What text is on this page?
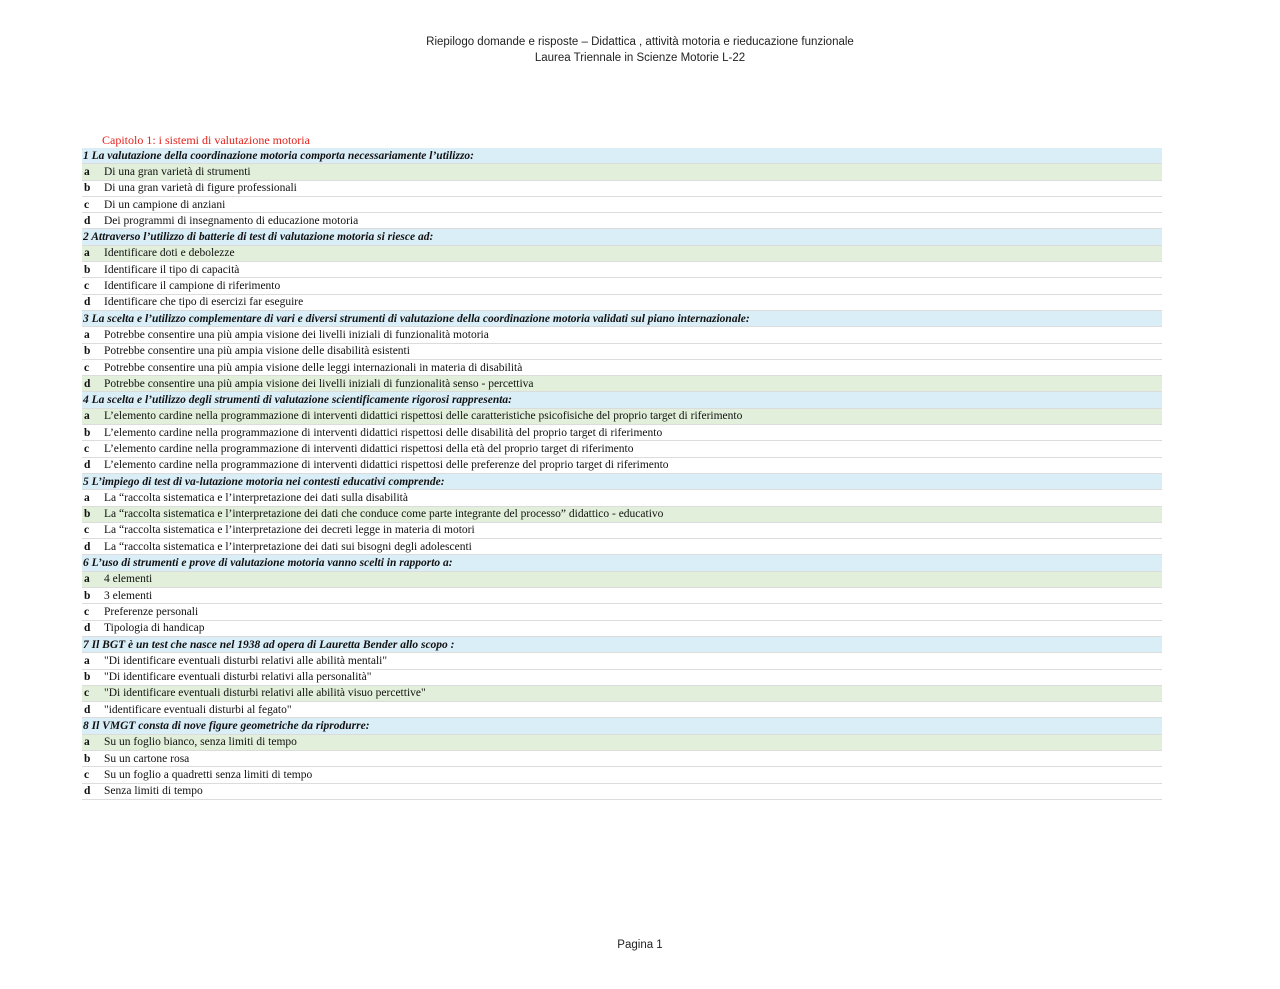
Riepilogo domande e risposte – Didattica , attività motoria e rieducazione funzionale
Laurea Triennale in Scienze Motorie L-22
Capitolo 1: i sistemi di valutazione motoria
1 La valutazione della coordinazione motoria comporta necessariamente l’utilizzo:
a	Di una gran varietà di strumenti
b	Di una gran varietà di figure professionali
c	Di un campione di anziani
d	Dei programmi di insegnamento di educazione motoria
2 Attraverso l’utilizzo di batterie di test di valutazione motoria si riesce ad:
a	Identificare doti e debolezze
b	Identificare il tipo di capacità
c	Identificare il campione di riferimento
d	Identificare che tipo di esercizi far eseguire
3 La scelta e l’utilizzo complementare di vari e diversi strumenti di valutazione della coordinazione motoria validati sul piano internazionale:
a	Potrebbe consentire una più ampia visione dei livelli iniziali di funzionalità motoria
b	Potrebbe consentire una più ampia visione delle disabilità esistenti
c	Potrebbe consentire una più ampia visione delle leggi internazionali in materia di disabilità
d	Potrebbe consentire una più ampia visione dei livelli iniziali di funzionalità senso - percettiva
4 La scelta e l’utilizzo degli strumenti di valutazione scientificamente rigorosi rappresenta:
a	L’elemento cardine nella programmazione di interventi didattici rispettosi delle caratteristiche psicofisiche del proprio target di riferimento
b	L’elemento cardine nella programmazione di interventi didattici rispettosi delle disabilità del proprio target di riferimento
c	L’elemento cardine nella programmazione di interventi didattici rispettosi della età del proprio target di riferimento
d	L’elemento cardine nella programmazione di interventi didattici rispettosi delle preferenze del proprio target di riferimento
5 L’impiego di test di va-lutazione motoria nei contesti educativi comprende:
a	La “raccolta sistematica e l’interpretazione dei dati sulla disabilità
b	La “raccolta sistematica e l’interpretazione dei dati che conduce come parte integrante del processo” didattico - educativo
c	La “raccolta sistematica e l’interpretazione dei decreti legge in materia di motori
d	La “raccolta sistematica e l’interpretazione dei dati sui bisogni degli adolescenti
6 L’uso di strumenti e prove di valutazione motoria vanno scelti in rapporto a:
a	4 elementi
b	3 elementi
c	Preferenze personali
d	Tipologia di handicap
7 Il BGT è un test che nasce nel 1938 ad opera di Lauretta Bender allo scopo :
a	"Di identificare eventuali disturbi relativi alle abilità mentali"
b	"Di identificare eventuali disturbi relativi alla personalità"
c	"Di identificare eventuali disturbi relativi alle abilità visuo percettive"
d	"identificare eventuali disturbi al fegato"
8 Il VMGT consta di nove figure geometriche da riprodurre:
a	Su un foglio bianco, senza limiti di tempo
b	Su un cartone rosa
c	Su un foglio a quadretti senza limiti di tempo
d	Senza limiti di tempo
Pagina 1
